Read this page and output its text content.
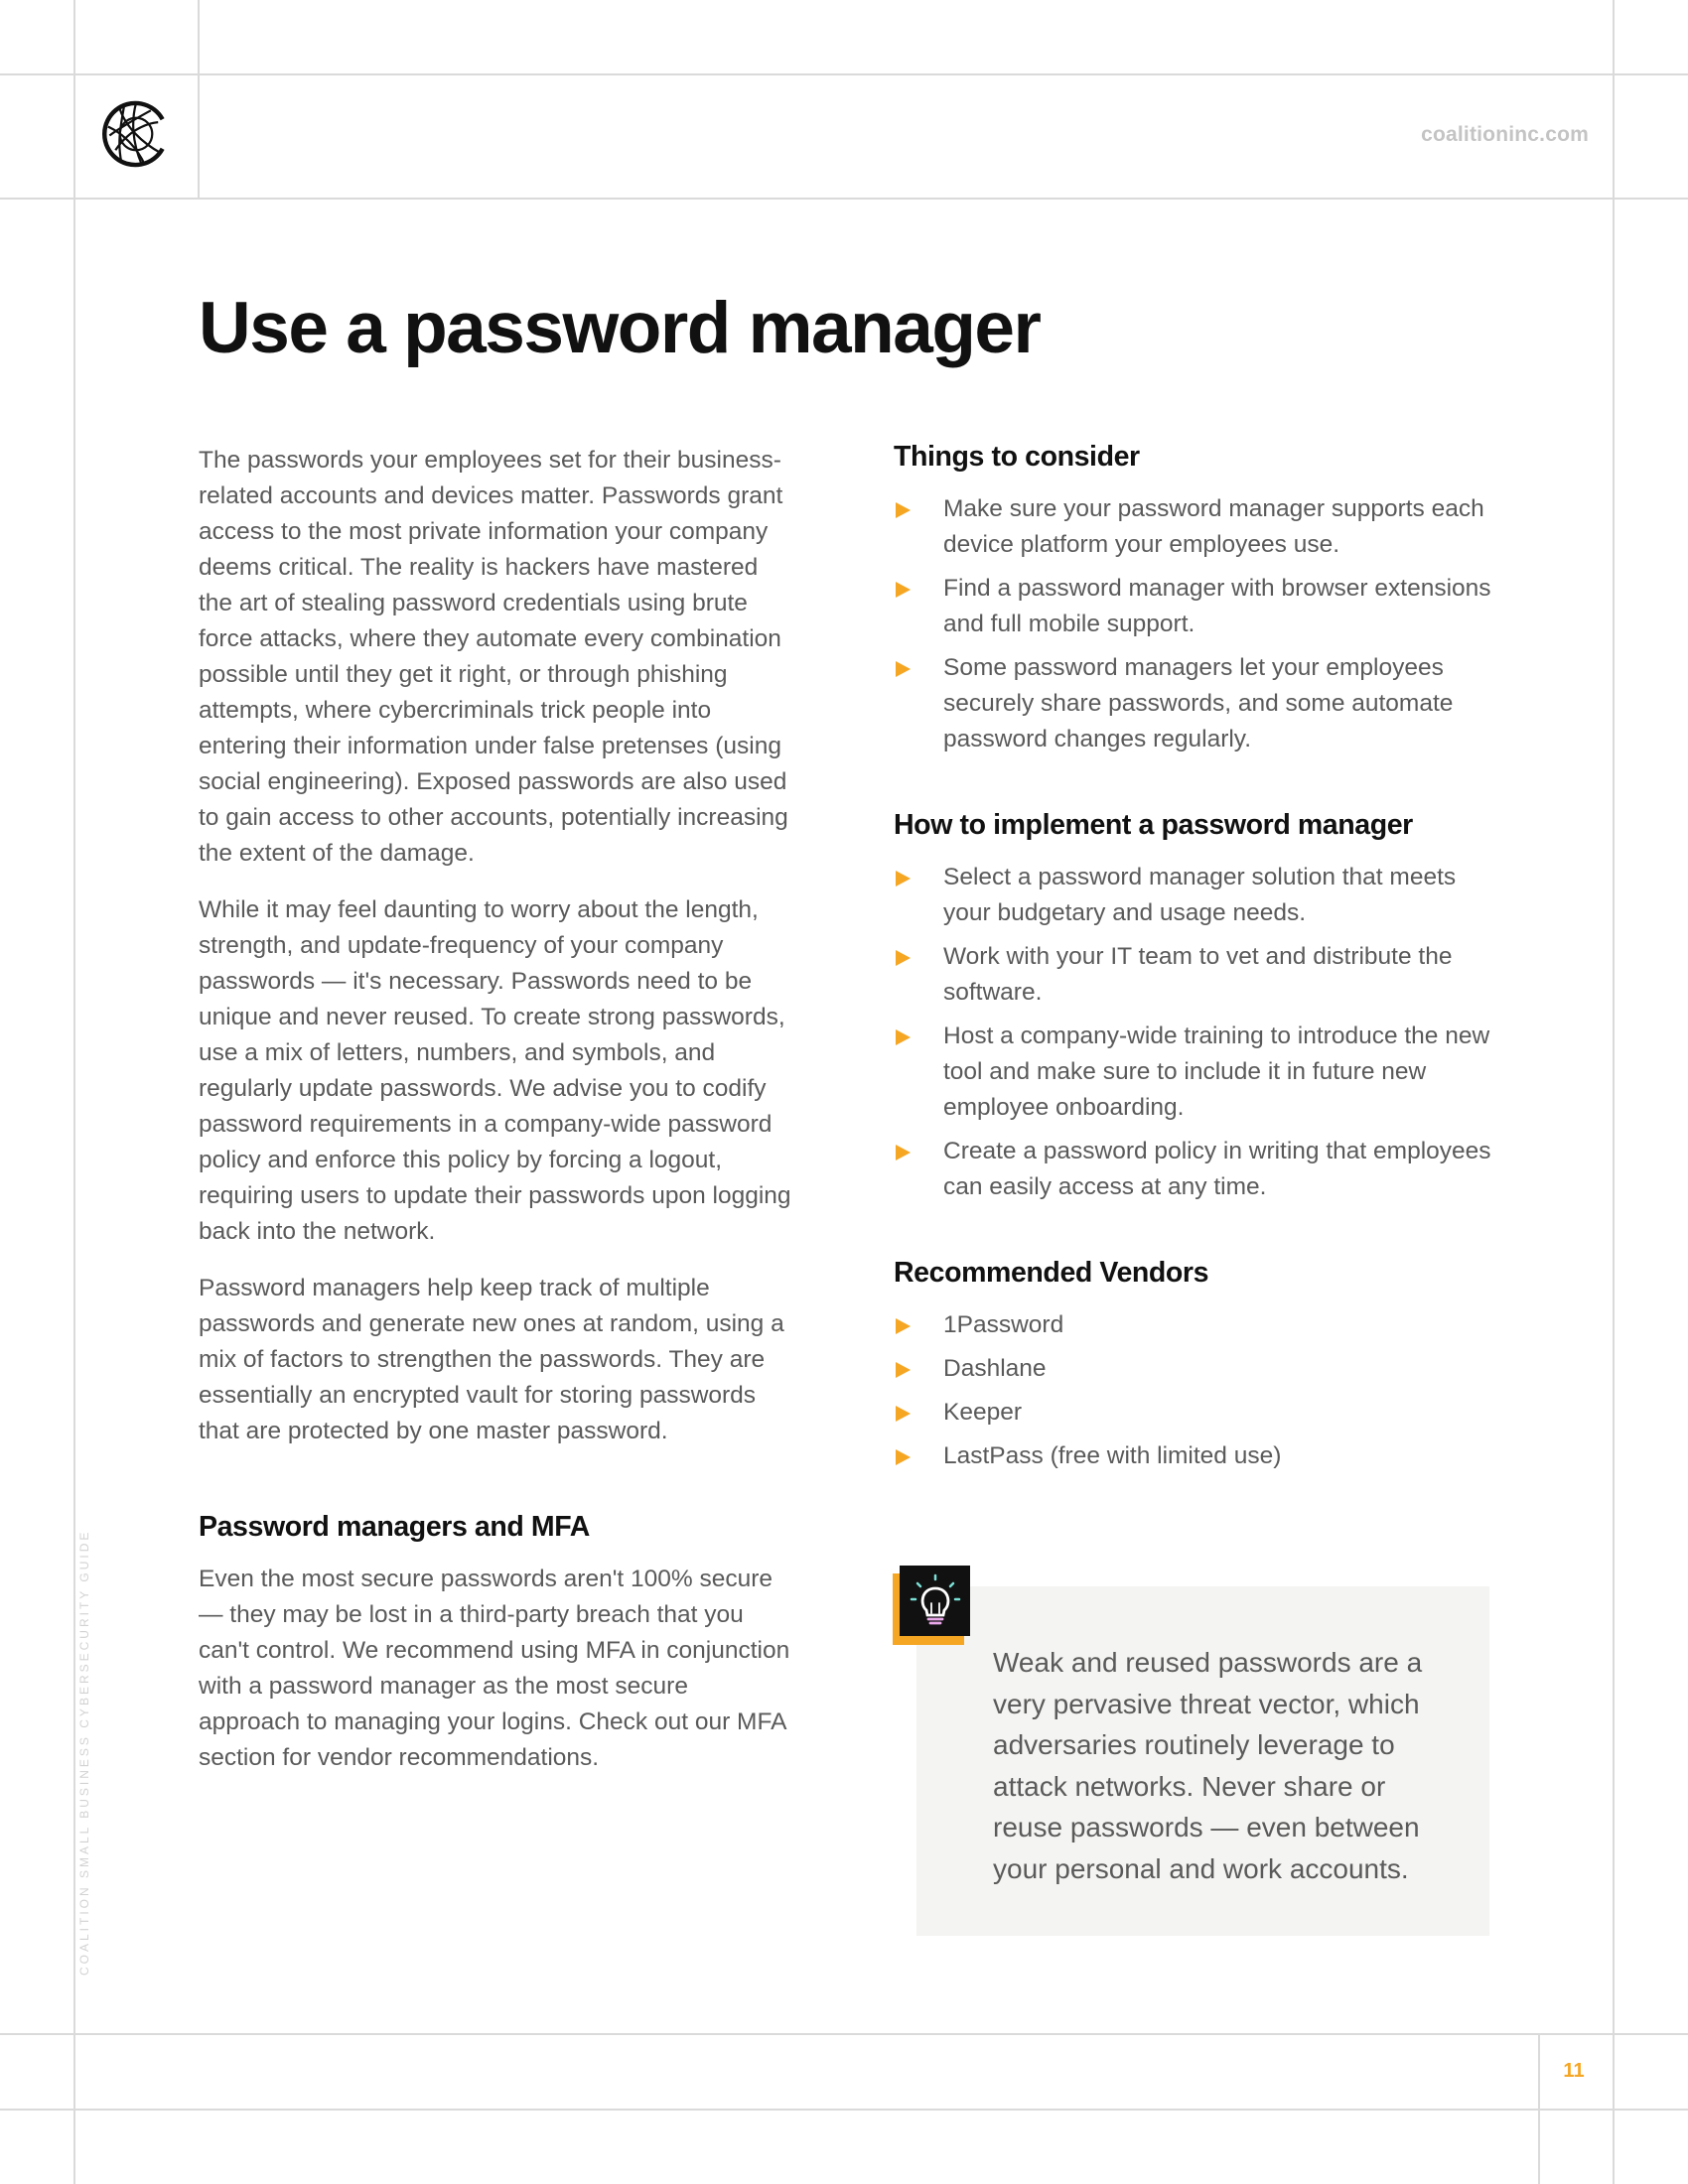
coalitioninc.com
Use a password manager

The passwords your employees set for their business-related accounts and devices matter. Passwords grant access to the most private information your company deems critical. The reality is hackers have mastered the art of stealing password credentials using brute force attacks, where they automate every combination possible until they get it right, or through phishing attempts, where cybercriminals trick people into entering their information under false pretenses (using social engineering). Exposed passwords are also used to gain access to other accounts, potentially increasing the extent of the damage.

While it may feel daunting to worry about the length, strength, and update-frequency of your company passwords — it's necessary. Passwords need to be unique and never reused. To create strong passwords, use a mix of letters, numbers, and symbols, and regularly update passwords. We advise you to codify password requirements in a company-wide password policy and enforce this policy by forcing a logout, requiring users to update their passwords upon logging back into the network.

Password managers help keep track of multiple passwords and generate new ones at random, using a mix of factors to strengthen the passwords. They are essentially an encrypted vault for storing passwords that are protected by one master password.

Password managers and MFA

Even the most secure passwords aren't 100% secure — they may be lost in a third-party breach that you can't control. We recommend using MFA in conjunction with a password manager as the most secure approach to managing your logins. Check out our MFA section for vendor recommendations.

Things to consider
Make sure your password manager supports each device platform your employees use.
Find a password manager with browser extensions and full mobile support.
Some password managers let your employees securely share passwords, and some automate password changes regularly.
How to implement a password manager
Select a password manager solution that meets your budgetary and usage needs.
Work with your IT team to vet and distribute the software.
Host a company-wide training to introduce the new tool and make sure to include it in future new employee onboarding.
Create a password policy in writing that employees can easily access at any time.
Recommended Vendors
1Password
Dashlane
Keeper
LastPass (free with limited use)
Weak and reused passwords are a very pervasive threat vector, which adversaries routinely leverage to attack networks. Never share or reuse passwords — even between your personal and work accounts.
COALITION SMALL BUSINESS CYBERSECURITY GUIDE
11
